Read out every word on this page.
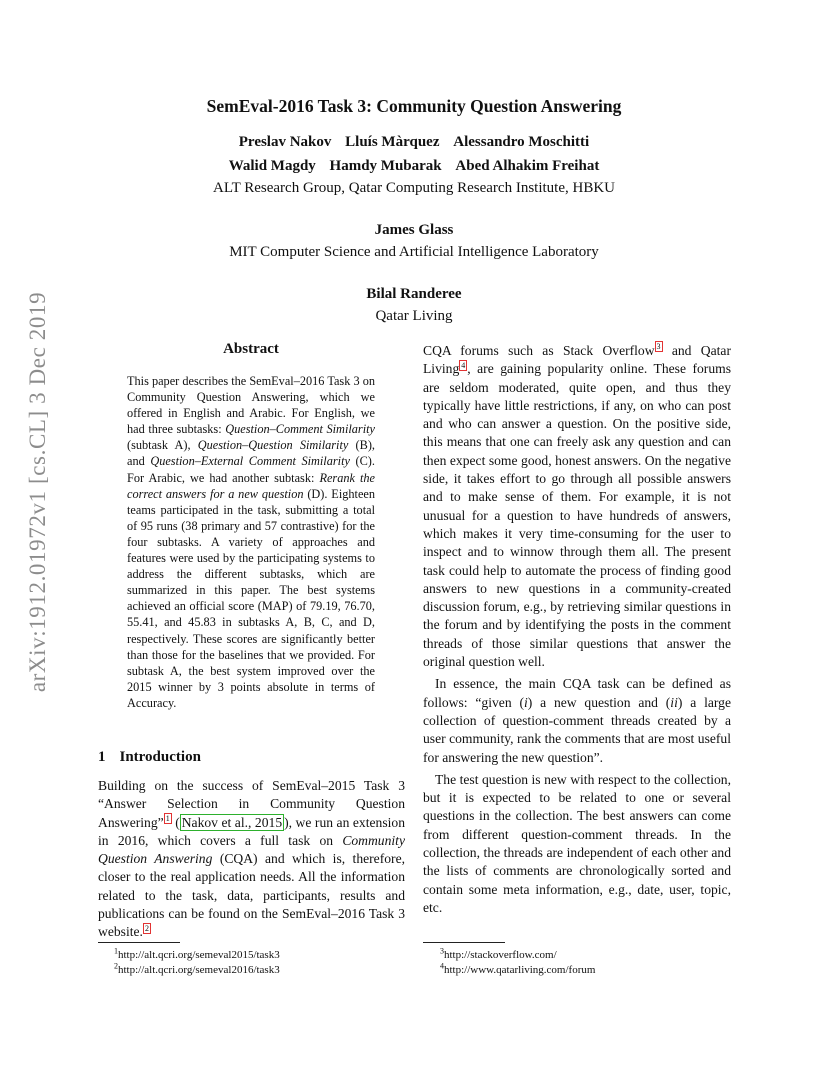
arXiv:1912.01972v1 [cs.CL] 3 Dec 2019
SemEval-2016 Task 3: Community Question Answering
Preslav Nakov Lluís Màrquez Alessandro Moschitti
Walid Magdy Hamdy Mubarak Abed Alhakim Freihat
ALT Research Group, Qatar Computing Research Institute, HBKU
James Glass
MIT Computer Science and Artificial Intelligence Laboratory
Bilal Randeree
Qatar Living
Abstract
This paper describes the SemEval–2016 Task 3 on Community Question Answering, which we offered in English and Arabic. For English, we had three subtasks: Question–Comment Similarity (subtask A), Question–Question Similarity (B), and Question–External Comment Similarity (C). For Arabic, we had another subtask: Rerank the correct answers for a new question (D). Eighteen teams participated in the task, submitting a total of 95 runs (38 primary and 57 contrastive) for the four subtasks. A variety of approaches and features were used by the participating systems to address the different subtasks, which are summarized in this paper. The best systems achieved an official score (MAP) of 79.19, 76.70, 55.41, and 45.83 in subtasks A, B, C, and D, respectively. These scores are significantly better than those for the baselines that we provided. For subtask A, the best system improved over the 2015 winner by 3 points absolute in terms of Accuracy.
1 Introduction
Building on the success of SemEval–2015 Task 3 “Answer Selection in Community Question Answering” $^1$ ( Nakov et al., 2015 ), we run an extension in 2016, which covers a full task on Community Question Answering (CQA) and which is, therefore, closer to the real application needs. All the information related to the task, data, participants, results and publications can be found on the SemEval–2016 Task 3 website. $^2$

CQA forums such as Stack Overflow $^3$ and Qatar Living $^4$ , are gaining popularity online. These forums are seldom moderated, quite open, and thus they typically have little restrictions, if any, on who can post and who can answer a question. On the positive side, this means that one can freely ask any question and can then expect some good, honest answers. On the negative side, it takes effort to go through all possible answers and to make sense of them. For example, it is not unusual for a question to have hundreds of answers, which makes it very time-consuming for the user to inspect and to winnow through them all. The present task could help to automate the process of finding good answers to new questions in a community-created discussion forum, e.g., by retrieving similar questions in the forum and by identifying the posts in the comment threads of those similar questions that answer the original question well.

In essence, the main CQA task can be defined as follows: “given (i) a new question and (ii) a large collection of question-comment threads created by a user community, rank the comments that are most useful for answering the new question”.

The test question is new with respect to the collection, but it is expected to be related to one or several questions in the collection. The best answers can come from different question-comment threads. In the collection, the threads are independent of each other and the lists of comments are chronologically sorted and contain some meta information, e.g., date, user, topic, etc.

$^1$http://alt.qcri.org/semeval2015/task3
$^2$http://alt.qcri.org/semeval2016/task3
$^3$http://stackoverflow.com/
$^4$http://www.qatarliving.com/forum
